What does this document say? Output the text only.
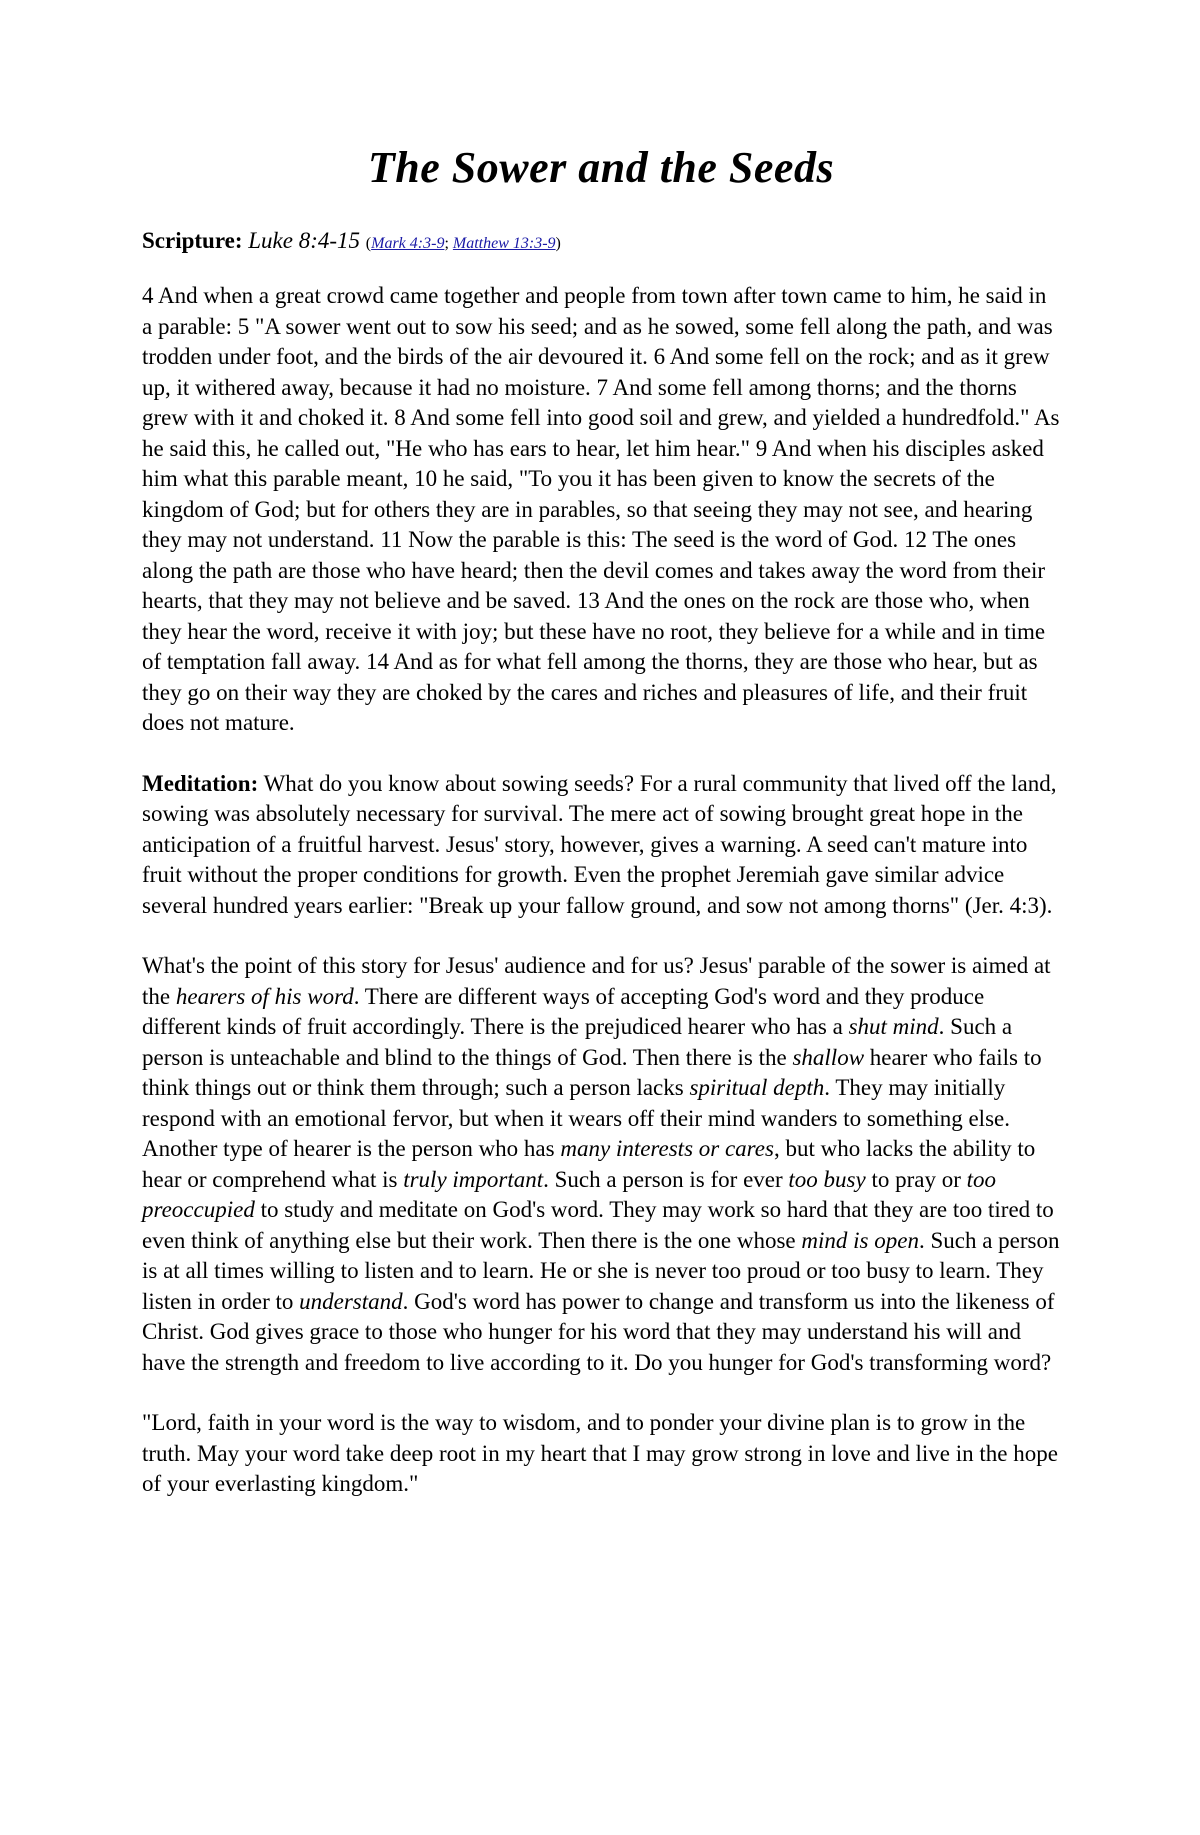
The Sower and the Seeds

Scripture: Luke 8:4-15 (Mark 4:3-9; Matthew 13:3-9)

4 And when a great crowd came together and people from town after town came to him, he said in a parable: 5 "A sower went out to sow his seed; and as he sowed, some fell along the path, and was trodden under foot, and the birds of the air devoured it. 6 And some fell on the rock; and as it grew up, it withered away, because it had no moisture. 7 And some fell among thorns; and the thorns grew with it and choked it. 8 And some fell into good soil and grew, and yielded a hundredfold." As he said this, he called out, "He who has ears to hear, let him hear." 9 And when his disciples asked him what this parable meant, 10 he said, "To you it has been given to know the secrets of the kingdom of God; but for others they are in parables, so that seeing they may not see, and hearing they may not understand. 11 Now the parable is this: The seed is the word of God. 12 The ones along the path are those who have heard; then the devil comes and takes away the word from their hearts, that they may not believe and be saved. 13 And the ones on the rock are those who, when they hear the word, receive it with joy; but these have no root, they believe for a while and in time of temptation fall away. 14 And as for what fell among the thorns, they are those who hear, but as they go on their way they are choked by the cares and riches and pleasures of life, and their fruit does not mature.

Meditation: What do you know about sowing seeds? For a rural community that lived off the land, sowing was absolutely necessary for survival. The mere act of sowing brought great hope in the anticipation of a fruitful harvest. Jesus' story, however, gives a warning. A seed can't mature into fruit without the proper conditions for growth. Even the prophet Jeremiah gave similar advice several hundred years earlier: "Break up your fallow ground, and sow not among thorns" (Jer. 4:3).

What's the point of this story for Jesus' audience and for us? Jesus' parable of the sower is aimed at the hearers of his word. There are different ways of accepting God's word and they produce different kinds of fruit accordingly. There is the prejudiced hearer who has a shut mind. Such a person is unteachable and blind to the things of God. Then there is the shallow hearer who fails to think things out or think them through; such a person lacks spiritual depth. They may initially respond with an emotional fervor, but when it wears off their mind wanders to something else. Another type of hearer is the person who has many interests or cares, but who lacks the ability to hear or comprehend what is truly important. Such a person is for ever too busy to pray or too preoccupied to study and meditate on God's word. They may work so hard that they are too tired to even think of anything else but their work. Then there is the one whose mind is open. Such a person is at all times willing to listen and to learn. He or she is never too proud or too busy to learn. They listen in order to understand. God's word has power to change and transform us into the likeness of Christ. God gives grace to those who hunger for his word that they may understand his will and have the strength and freedom to live according to it. Do you hunger for God's transforming word?

"Lord, faith in your word is the way to wisdom, and to ponder your divine plan is to grow in the truth. May your word take deep root in my heart that I may grow strong in love and live in the hope of your everlasting kingdom."
